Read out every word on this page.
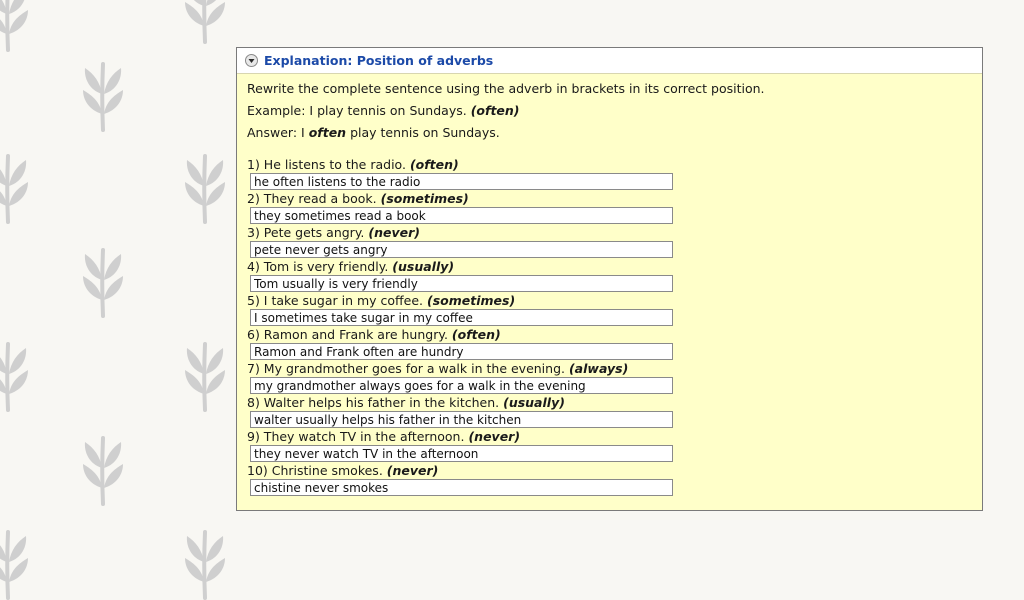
Explanation: Position of adverbs
Rewrite the complete sentence using the adverb in brackets in its correct position.
Example: I play tennis on Sundays. (often)
Answer: I often play tennis on Sundays.
1) He listens to the radio. (often)
he often listens to the radio
2) They read a book. (sometimes)
they sometimes read a book
3) Pete gets angry. (never)
pete never gets angry
4) Tom is very friendly. (usually)
Tom usually is very friendly
5) I take sugar in my coffee. (sometimes)
I sometimes take sugar in my coffee
6) Ramon and Frank are hungry. (often)
Ramon and Frank often are hundry
7) My grandmother goes for a walk in the evening. (always)
my grandmother always goes for a walk in the evening
8) Walter helps his father in the kitchen. (usually)
walter usually helps his father in the kitchen
9) They watch TV in the afternoon. (never)
they never watch TV in the afternoon
10) Christine smokes. (never)
chistine never smokes
